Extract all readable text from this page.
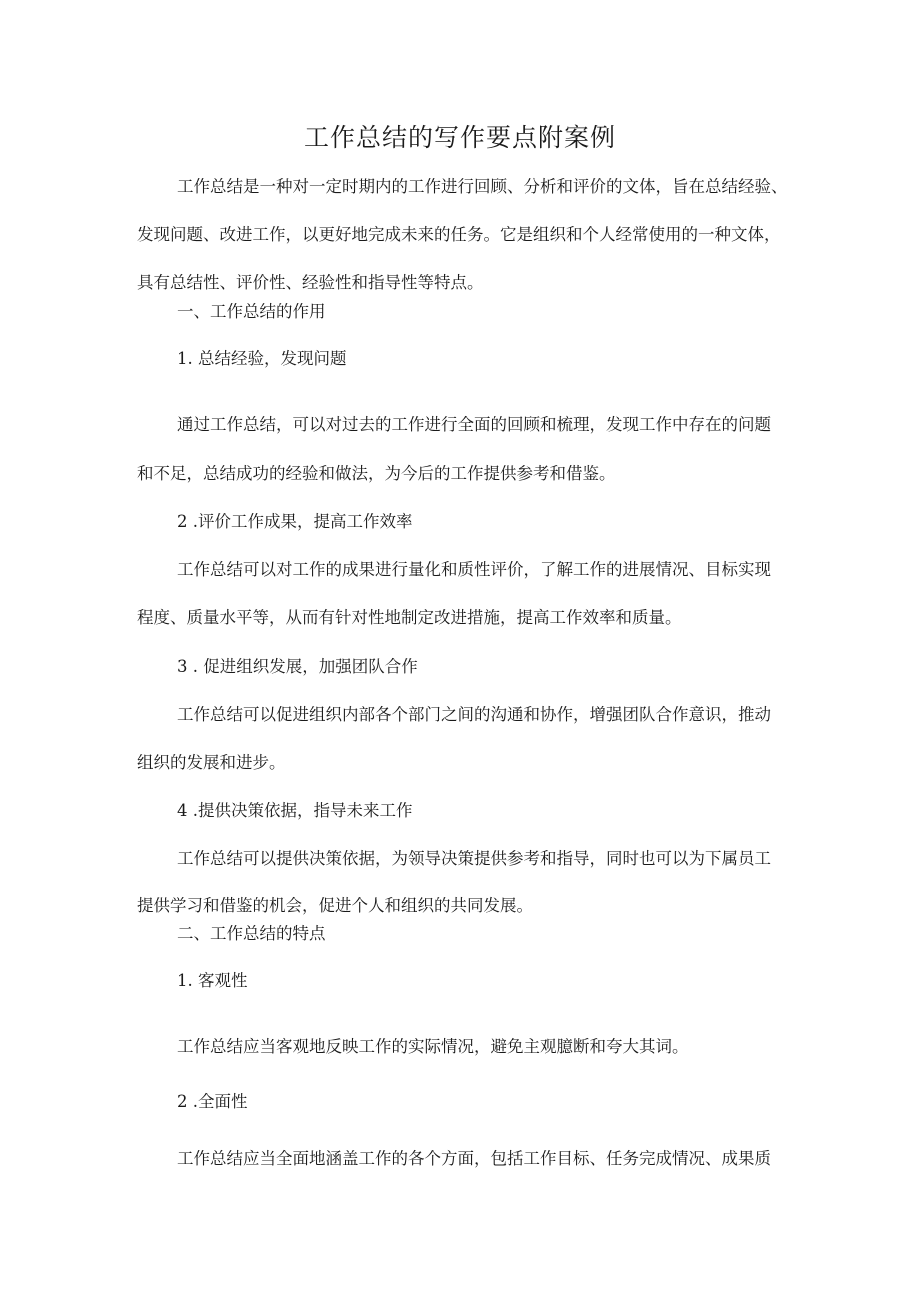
工作总结的写作要点附案例

工作总结是一种对一定时期内的工作进行回顾、分析和评价的文体，旨在总结经验、

发现问题、改进工作，以更好地完成未来的任务。它是组织和个人经常使用的一种文体，

具有总结性、评价性、经验性和指导性等特点。

一、工作总结的作用

1. 总结经验，发现问题

通过工作总结，可以对过去的工作进行全面的回顾和梳理，发现工作中存在的问题

和不足，总结成功的经验和做法，为今后的工作提供参考和借鉴。

2 .评价工作成果，提高工作效率

工作总结可以对工作的成果进行量化和质性评价，了解工作的进展情况、目标实现

程度、质量水平等，从而有针对性地制定改进措施，提高工作效率和质量。

3 . 促进组织发展，加强团队合作

工作总结可以促进组织内部各个部门之间的沟通和协作，增强团队合作意识，推动

组织的发展和进步。

4 .提供决策依据，指导未来工作

工作总结可以提供决策依据，为领导决策提供参考和指导，同时也可以为下属员工

提供学习和借鉴的机会，促进个人和组织的共同发展。

二、工作总结的特点

1. 客观性

工作总结应当客观地反映工作的实际情况，避免主观臆断和夸大其词。

2 .全面性

工作总结应当全面地涵盖工作的各个方面，包括工作目标、任务完成情况、成果质
